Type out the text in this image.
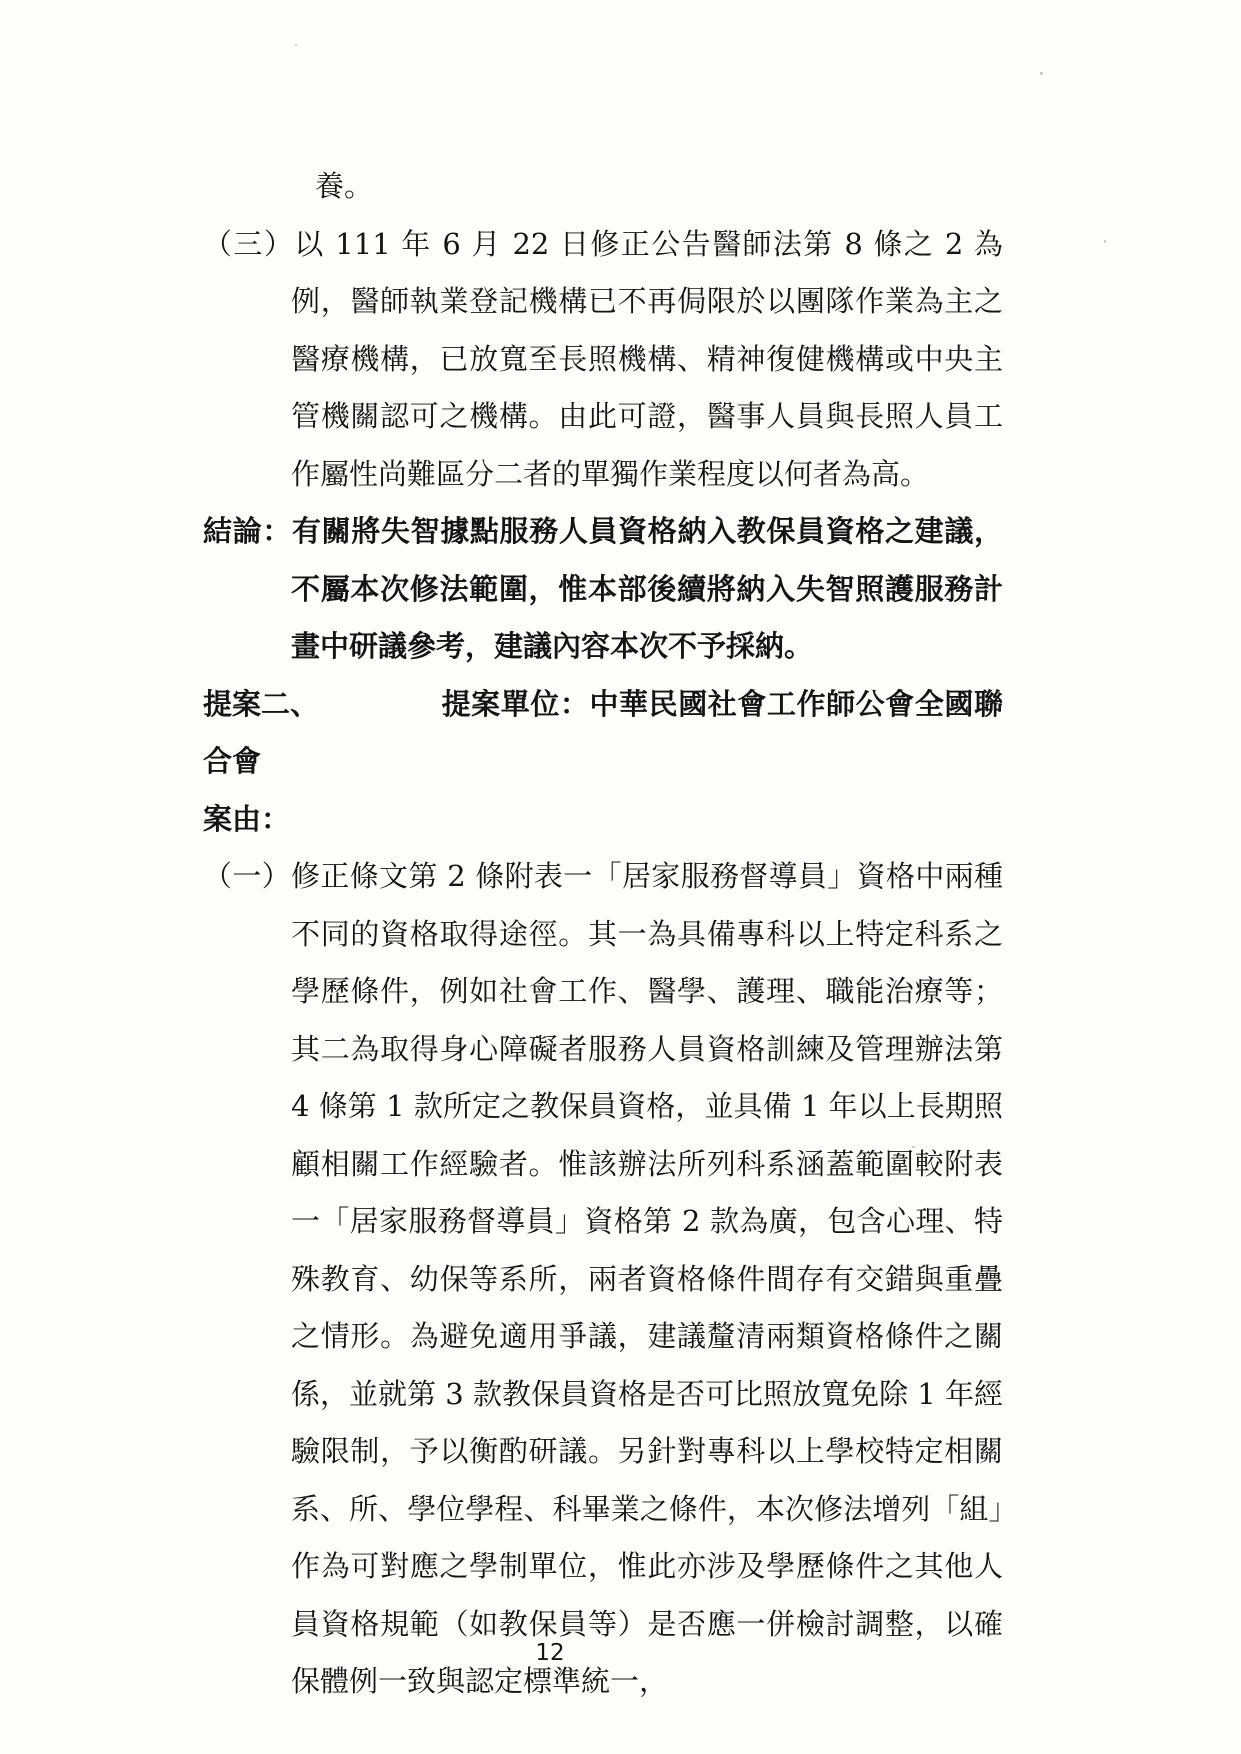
養。

（三）以 111 年 6 月 22 日修正公告醫師法第 8 條之 2 為例，醫師執業登記機構已不再侷限於以團隊作業為主之醫療機構，已放寬至長照機構、精神復健機構或中央主管機關認可之機構。由此可證，醫事人員與長照人員工作屬性尚難區分二者的單獨作業程度以何者為高。

結論：有關將失智據點服務人員資格納入教保員資格之建議，不屬本次修法範圍，惟本部後續將納入失智照護服務計畫中研議參考，建議內容本次不予採納。

提案二、	提案單位：中華民國社會工作師公會全國聯合會

案由：

（一）修正條文第 2 條附表一「居家服務督導員」資格中兩種不同的資格取得途徑。其一為具備專科以上特定科系之學歷條件，例如社會工作、醫學、護理、職能治療等；其二為取得身心障礙者服務人員資格訓練及管理辦法第 4 條第 1 款所定之教保員資格，並具備 1 年以上長期照顧相關工作經驗者。惟該辦法所列科系涵蓋範圍較附表一「居家服務督導員」資格第 2 款為廣，包含心理、特殊教育、幼保等系所，兩者資格條件間存有交錯與重疊之情形。為避免適用爭議，建議釐清兩類資格條件之關係，並就第 3 款教保員資格是否可比照放寬免除 1 年經驗限制，予以衡酌研議。另針對專科以上學校特定相關系、所、學位學程、科畢業之條件，本次修法增列「組」作為可對應之學制單位，惟此亦涉及學歷條件之其他人員資格規範（如教保員等）是否應一併檢討調整，以確保體例一致與認定標準統一，

12
